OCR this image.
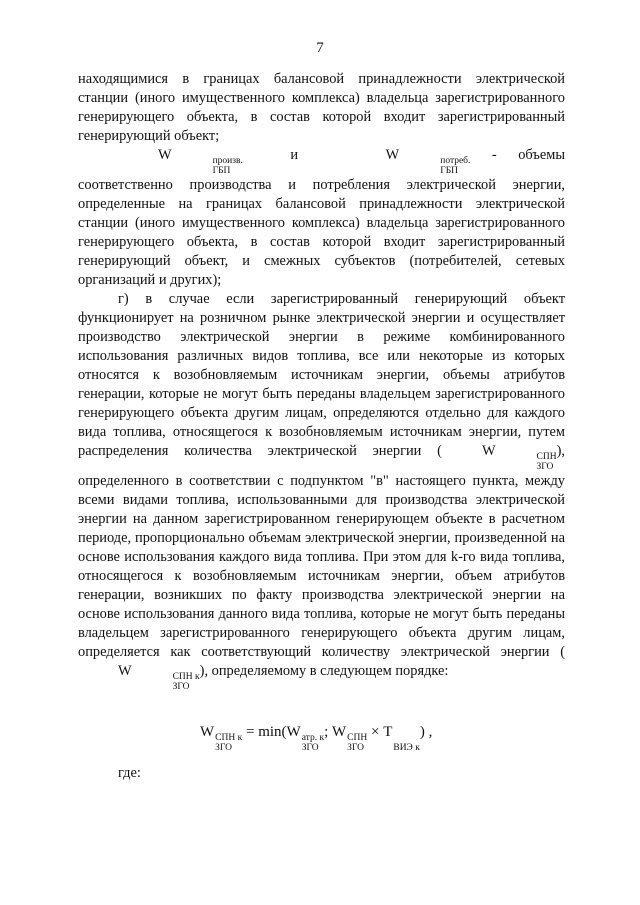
7

находящимися в границах балансовой принадлежности электрической станции (иного имущественного комплекса) владельца зарегистрированного генерирующего объекта, в состав которой входит зарегистрированный генерирующий объект;

W	произв.
ГБП
и	W	потреб.
ГБП
- объемы соответственно производства и потребления электрической энергии, определенные на границах балансовой принадлежности электрической станции (иного имущественного комплекса) владельца зарегистрированного генерирующего объекта, в состав которой входит зарегистрированный генерирующий объект, и смежных субъектов (потребителей, сетевых организаций и других);

г) в случае если зарегистрированный генерирующий объект функционирует на розничном рынке электрической энергии и осуществляет производство электрической энергии в режиме комбинированного использования различных видов топлива, все или некоторые из которых относятся к возобновляемым источникам энергии, объемы атрибутов генерации, которые не могут быть переданы владельцем зарегистрированного генерирующего объекта другим лицам, определяются отдельно для каждого вида топлива, относящегося к возобновляемым источникам энергии, путем распределения количества электрической энергии (	W	СПН
ЗГО
), определенного в соответствии с подпунктом "в" настоящего пункта, между всеми видами топлива, использованными для производства электрической энергии на данном зарегистрированном генерирующем объекте в расчетном периоде, пропорционально объемам электрической энергии, произведенной на основе использования каждого вида топлива. При этом для k-го вида топлива, относящегося к возобновляемым источникам энергии, объем атрибутов генерации, возникших по факту производства электрической энергии на основе использования данного вида топлива, которые не могут быть переданы владельцем зарегистрированного генерирующего объекта другим лицам, определяется как соответствующий количеству электрической энергии (W	СПН к
ЗГО
), определяемому в следующем порядке:

W СПН к
ЗГО
= min(W атр. к
ЗГО
; W СПН
ЗГО
× T

ВИЭ к
) ,
где:
